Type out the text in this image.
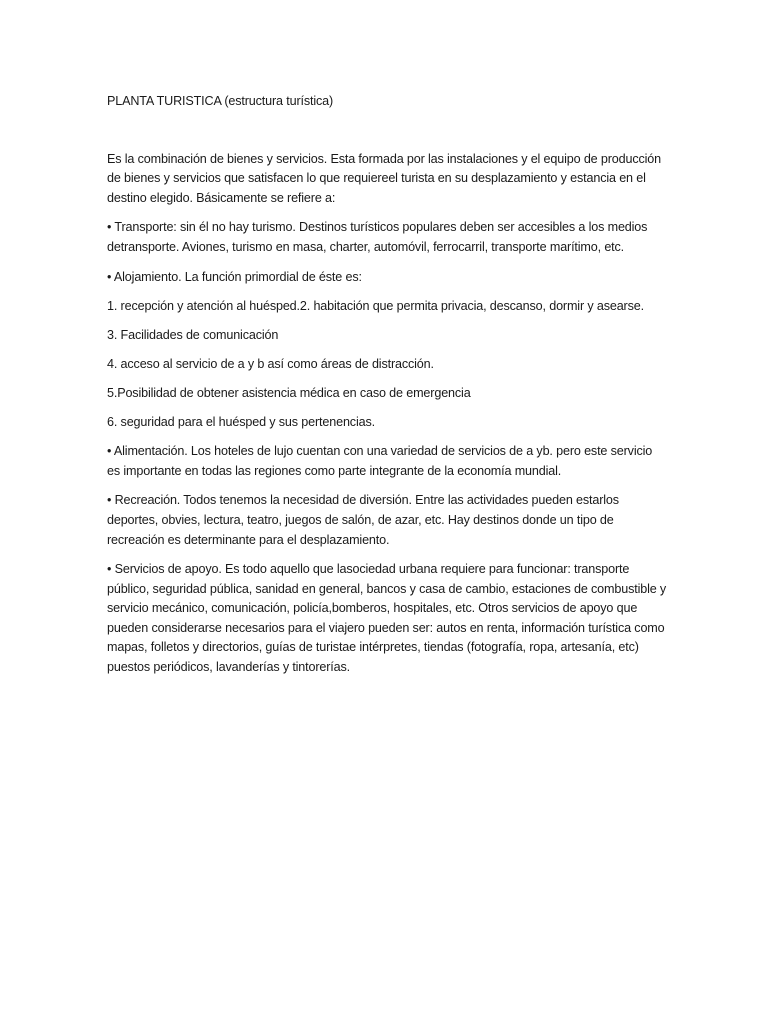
PLANTA TURISTICA (estructura turística)

Es la combinación de bienes y servicios. Esta formada por las instalaciones y el equipo de producción de bienes y servicios que satisfacen lo que requiereel turista en su desplazamiento y estancia en el destino elegido. Básicamente se refiere a:

• Transporte: sin él no hay turismo. Destinos turísticos populares deben ser accesibles a los medios detransporte. Aviones, turismo en masa, charter, automóvil, ferrocarril, transporte marítimo, etc.

• Alojamiento. La función primordial de éste es:

1. recepción y atención al huésped.2. habitación que permita privacia, descanso, dormir y asearse.

3. Facilidades de comunicación

4. acceso al servicio de a y b así como áreas de distracción.

5.Posibilidad de obtener asistencia médica en caso de emergencia

6. seguridad para el huésped y sus pertenencias.

• Alimentación. Los hoteles de lujo cuentan con una variedad de servicios de a yb. pero este servicio es importante en todas las regiones como parte integrante de la economía mundial.

• Recreación. Todos tenemos la necesidad de diversión. Entre las actividades pueden estarlos deportes, obvies, lectura, teatro, juegos de salón, de azar, etc. Hay destinos donde un tipo de recreación es determinante para el desplazamiento.

• Servicios de apoyo. Es todo aquello que lasociedad urbana requiere para funcionar: transporte público, seguridad pública, sanidad en general, bancos y casa de cambio, estaciones de combustible y servicio mecánico, comunicación, policía,bomberos, hospitales, etc. Otros servicios de apoyo que pueden considerarse necesarios para el viajero pueden ser: autos en renta, información turística como mapas, folletos y directorios, guías de turistae intérpretes, tiendas (fotografía, ropa, artesanía, etc) puestos periódicos, lavanderías y tintorerías.
